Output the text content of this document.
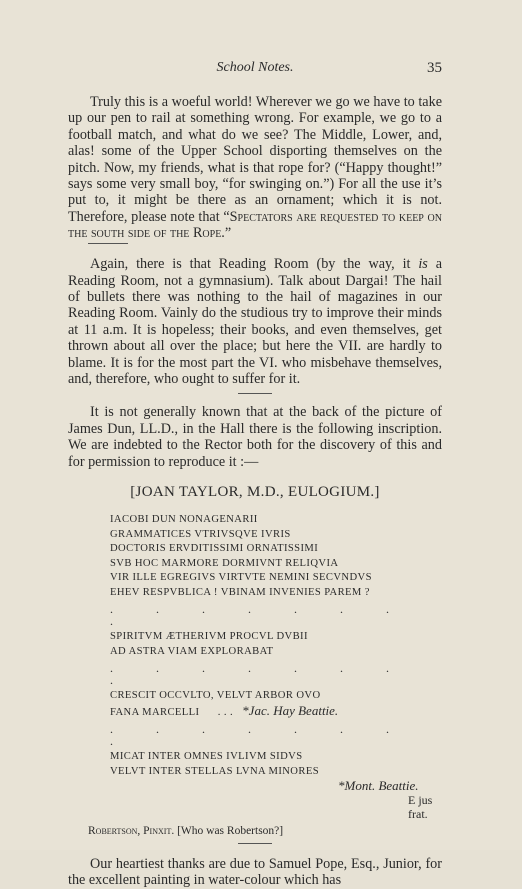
School Notes.	35

Truly this is a woeful world! Wherever we go we have to take up our pen to rail at something wrong. For example, we go to a football match, and what do we see? The Middle, Lower, and, alas! some of the Upper School disporting themselves on the pitch. Now, my friends, what is that rope for? (“Happy thought!” says some very small boy, “for swinging on.”) For all the use it’s put to, it might be there as an ornament; which it is not. Therefore, please note that “Spectators are requested to keep on the south side of the Rope.”

Again, there is that Reading Room (by the way, it is a Reading Room, not a gymnasium). Talk about Dargai! The hail of bullets there was nothing to the hail of magazines in our Reading Room. Vainly do the studious try to improve their minds at 11 a.m. It is hopeless; their books, and even themselves, get thrown about all over the place; but here the VII. are hardly to blame. It is for the most part the VI. who misbehave themselves, and, therefore, who ought to suffer for it.

It is not generally known that at the back of the picture of James Dun, LL.D., in the Hall there is the following inscription. We are indebted to the Rector both for the discovery of this and for permission to reproduce it :—

[JOAN TAYLOR, M.D., EULOGIUM.]
IACOBI DUN NONAGENARII
GRAMMATICES VTRIVSQVE IVRIS
DOCTORIS ERVDITISSIMI ORNATISSIMI
SVB HOC MARMORE DORMIVNT RELIQVIA
VIR ILLE EGREGIVS VIRTVTE NEMINI SECVNDVS
EHEV RESPVBLICA ! VBINAM INVENIES PAREM ?
. . . . . . . .
SPIRITVM ÆTHERIVM PROCVL DVBII
AD ASTRA VIAM EXPLORABAT
. . . . . . . .
CRESCIT OCCVLTO, VELVT ARBOR OVO
FANA MARCELLI . . . *Jac. Hay Beattie.
. . . . . . . .
MICAT INTER OMNES IVLIVM SIDVS
VELVT INTER STELLAS LVNA MINORES
*Mont. Beattie.
E jus frat.
Robertson, Pinxit. [Who was Robertson?]

Our heartiest thanks are due to Samuel Pope, Esq., Junior, for the excellent painting in water-colour which has
